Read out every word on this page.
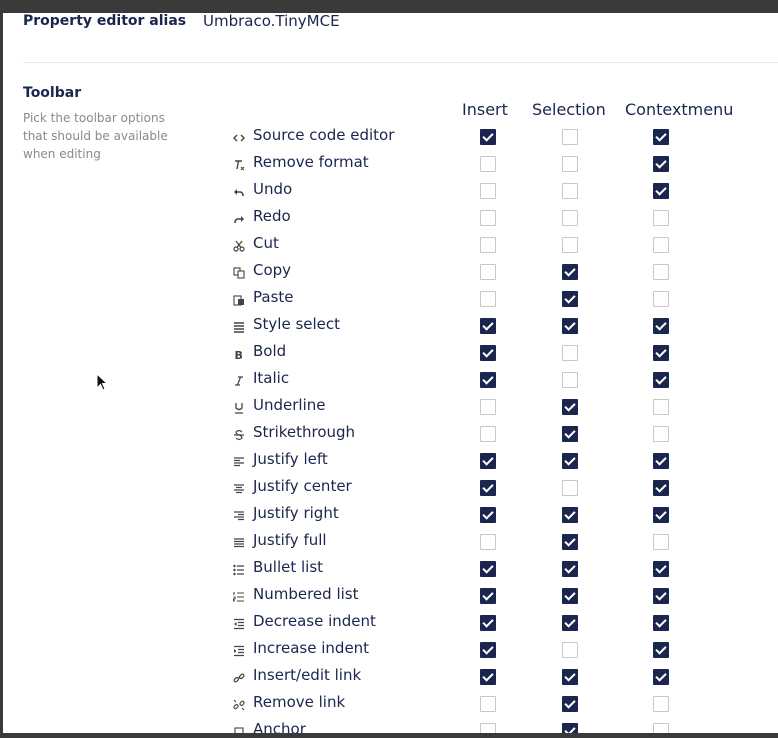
Property editor alias Umbraco.TinyMCE
Toolbar
Pick the toolbar options that should be available when editing
Insert Selection Contextmenu
Source code editor
Remove format
Undo
Redo
Cut
Copy
Paste
Style select
B Bold
Italic
Underline
Strikethrough
Justify left
Justify center
Justify right
Justify full
Bullet list
Numbered list
Decrease indent
Increase indent
Insert/edit link
Remove link
Anchor
